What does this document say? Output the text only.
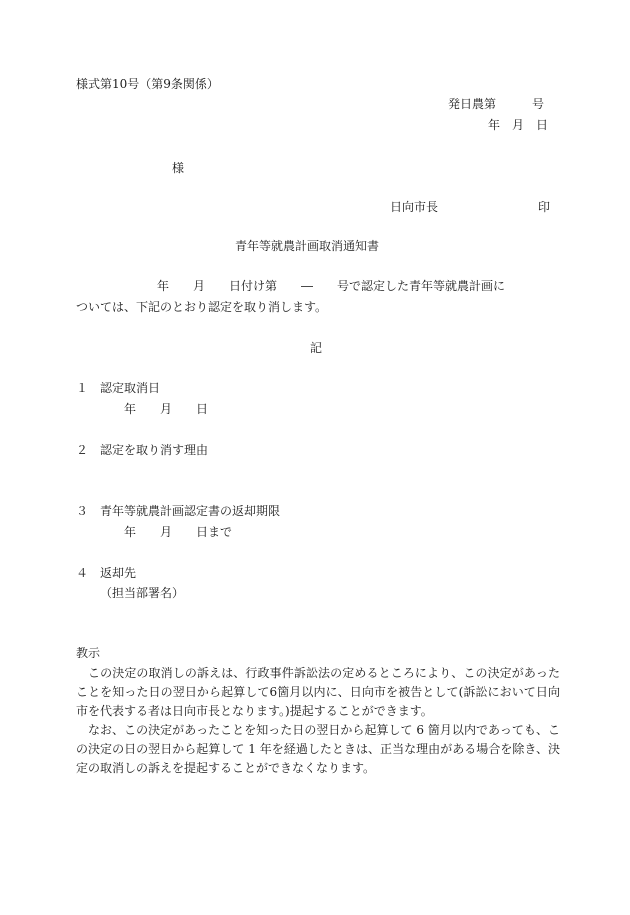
様式第10号（第9条関係）
発日農第　　　号
年　月　日
様
日向市長	印
青年等就農計画取消通知書
年　　月　　日付け第　　―　　号で認定した青年等就農計画に
ついては、下記のとおり認定を取り消します。
記
１ 認定取消日
年　　月　　日
２ 認定を取り消す理由
３ 青年等就農計画認定書の返却期限
年　　月　　日まで
４ 返却先
（担当部署名）
教示

この決定の取消しの訴えは、行政事件訴訟法の定めるところにより、この決定があったことを知った日の翌日から起算して6箇月以内に、日向市を被告として(訴訟において日向市を代表する者は日向市長となります。)提起することができます。

なお、この決定があったことを知った日の翌日から起算して 6 箇月以内であっても、この決定の日の翌日から起算して 1 年を経過したときは、正当な理由がある場合を除き、決定の取消しの訴えを提起することができなくなります。
